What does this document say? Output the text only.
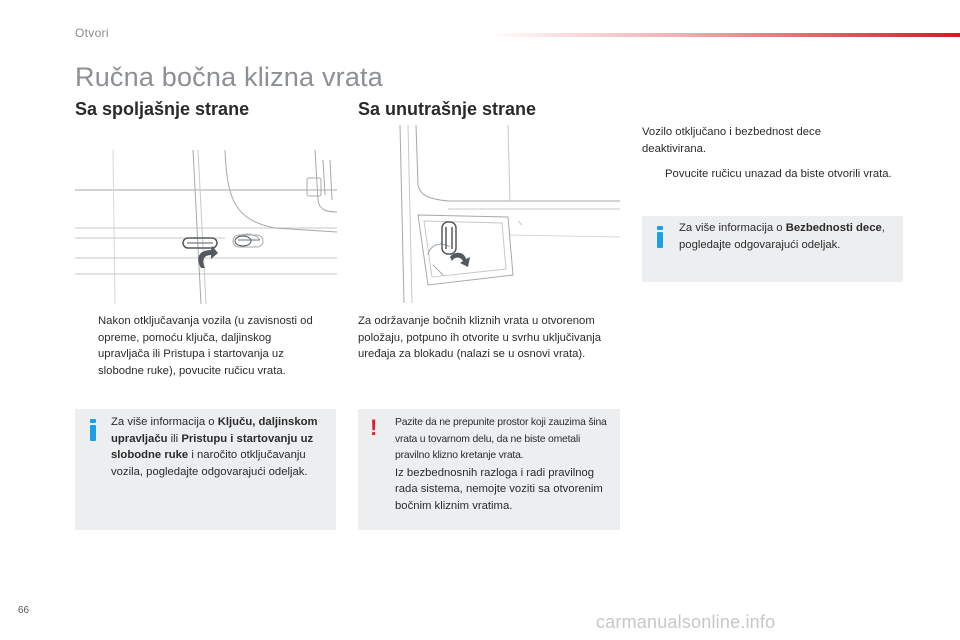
Otvori
Ručna bočna klizna vrata
Sa spoljašnje strane
Nakon otključavanja vozila (u zavisnosti od opreme, pomoću ključa, daljinskog upravljača ili Pristupa i startovanja uz slobodne ruke), povucite ručicu vrata.
Za više informacija o Ključu, daljinskom upravljaču ili Pristupu i startovanju uz slobodne ruke i naročito otključavanju vozila, pogledajte odgovarajući odeljak.
Sa unutrašnje strane
Za održavanje bočnih kliznih vrata u otvorenom položaju, potpuno ih otvorite u svrhu uključivanja uređaja za blokadu (nalazi se u osnovi vrata).
! Pazite da ne prepunite prostor koji zauzima šina vrata u tovarnom delu, da ne biste ometali pravilno klizno kretanje vrata.
Iz bezbednosnih razloga i radi pravilnog rada sistema, nemojte voziti sa otvorenim bočnim kliznim vratima.
Vozilo otključano i bezbednost dece deaktivirana.
Povucite ručicu unazad da biste otvorili vrata.
Za više informacija o Bezbednosti dece, pogledajte odgovarajući odeljak.
66
carmanualsonline.info
